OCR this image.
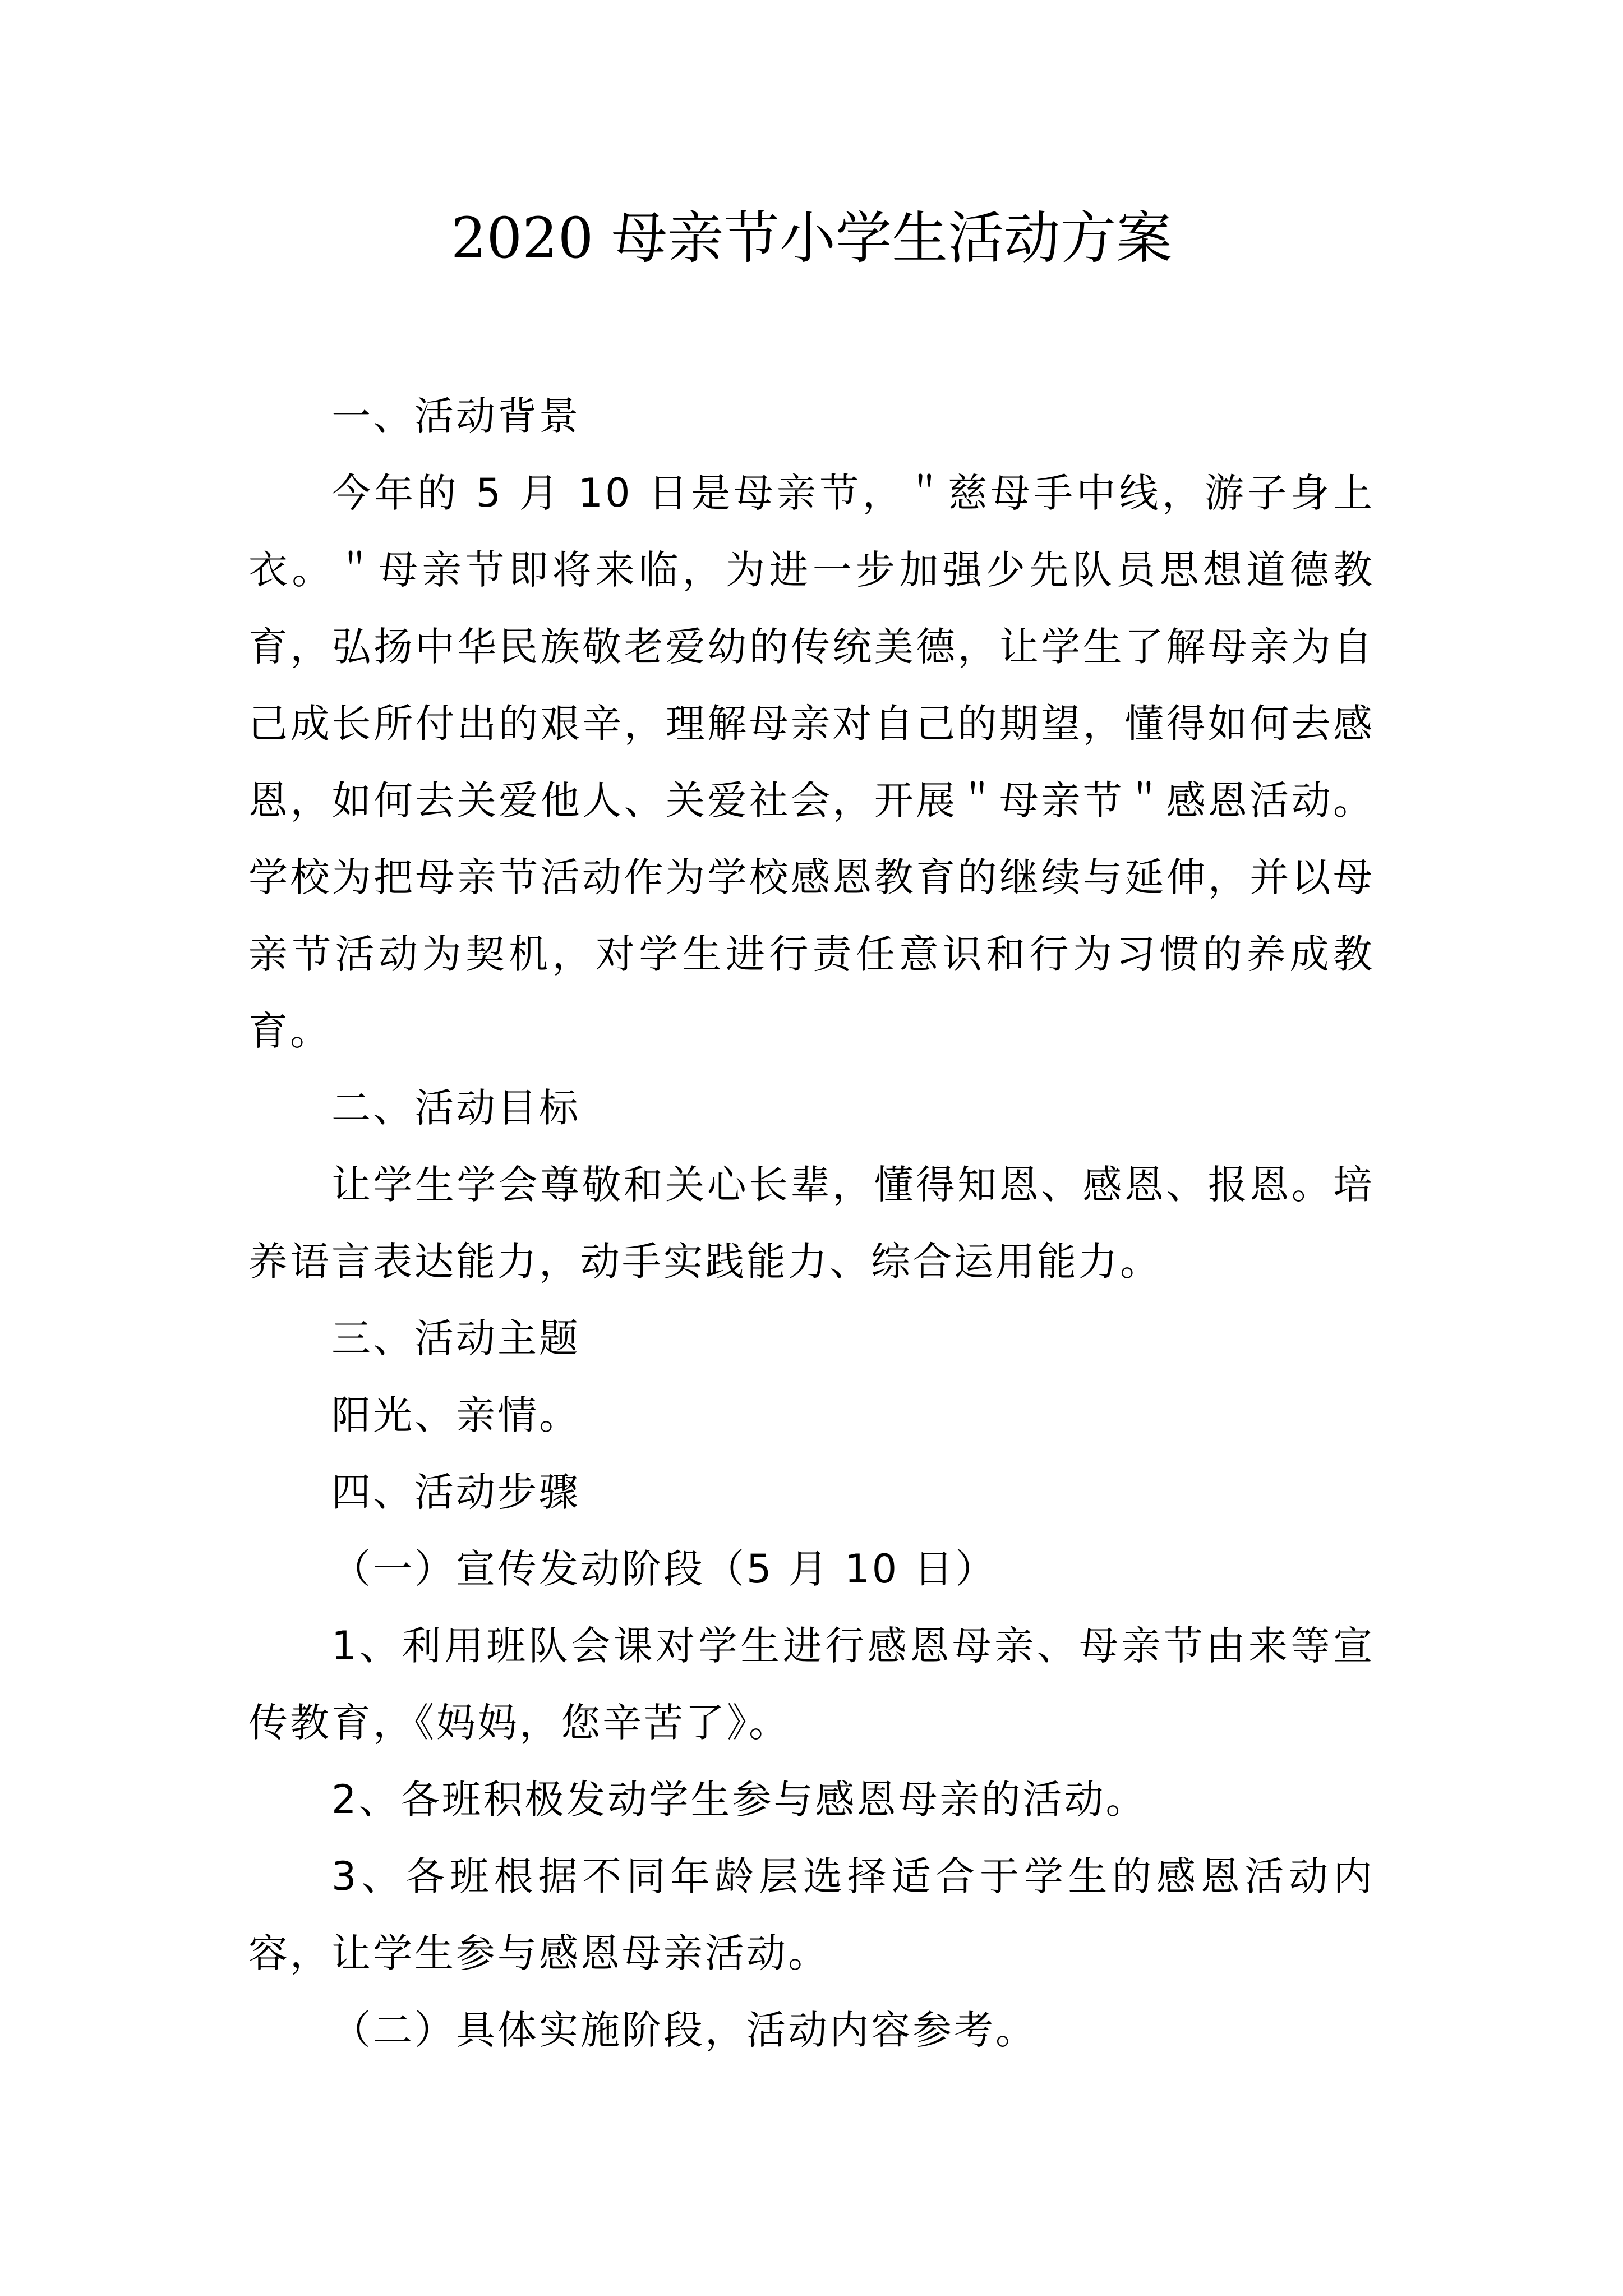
2020 母亲节小学生活动方案

一、活动背景

今年的 5 月 10 日是母亲节，＂慈母手中线，游子身上衣。＂母亲节即将来临，为进一步加强少先队员思想道德教育，弘扬中华民族敬老爱幼的传统美德，让学生了解母亲为自己成长所付出的艰辛，理解母亲对自己的期望，懂得如何去感恩，如何去关爱他人、关爱社会，开展＂母亲节＂感恩活动。学校为把母亲节活动作为学校感恩教育的继续与延伸，并以母亲节活动为契机，对学生进行责任意识和行为习惯的养成教育。

二、活动目标

让学生学会尊敬和关心长辈，懂得知恩、感恩、报恩。培养语言表达能力，动手实践能力、综合运用能力。

三、活动主题

阳光、亲情。

四、活动步骤

（一）宣传发动阶段（5 月 10 日）

1、利用班队会课对学生进行感恩母亲、母亲节由来等宣传教育，《妈妈，您辛苦了》。

2、各班积极发动学生参与感恩母亲的活动。

3、各班根据不同年龄层选择适合于学生的感恩活动内容，让学生参与感恩母亲活动。

（二）具体实施阶段，活动内容参考。
